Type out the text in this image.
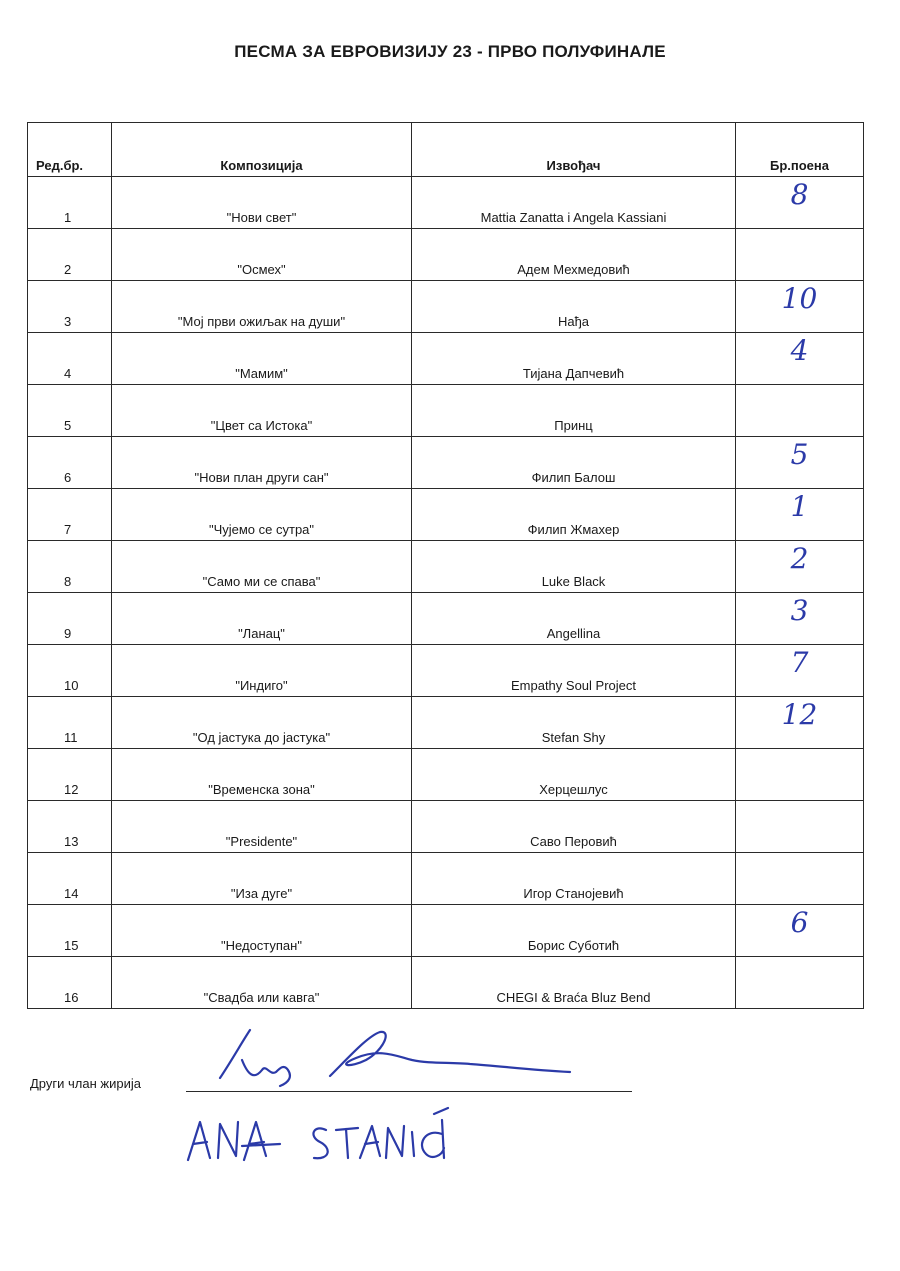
ПЕСМА ЗА ЕВРОВИЗИЈУ 23 - ПРВО ПОЛУФИНАЛЕ
Ред.бр.	Композиција	Извођач	Бр.поена
1	"Нови свет"	Mattia Zanatta i Angela Kassiani	8
2	"Осмех"	Адем Мехмедовић	
3	"Мој први ожиљак на души"	Нађа	10
4	"Мамим"	Тијана Дапчевић	4
5	"Цвет са Истока"	Принц	
6	"Нови план други сан"	Филип Балош	5
7	"Чујемо се сутра"	Филип Жмахер	1
8	"Само ми се спава"	Luke Black	2
9	"Ланац"	Angellina	3
10	"Индиго"	Empathy Soul Project	7
11	"Од јастука до јастука"	Stefan Shy	12
12	"Временска зона"	Херцешлус	
13	"Presidente"	Саво Перовић	
14	"Иза дуге"	Игор Станојевић	
15	"Недоступан"	Борис Суботић	6
16	"Свадба или кавга"	CHEGI & Braća Bluz Bend	
Други члан жирија
